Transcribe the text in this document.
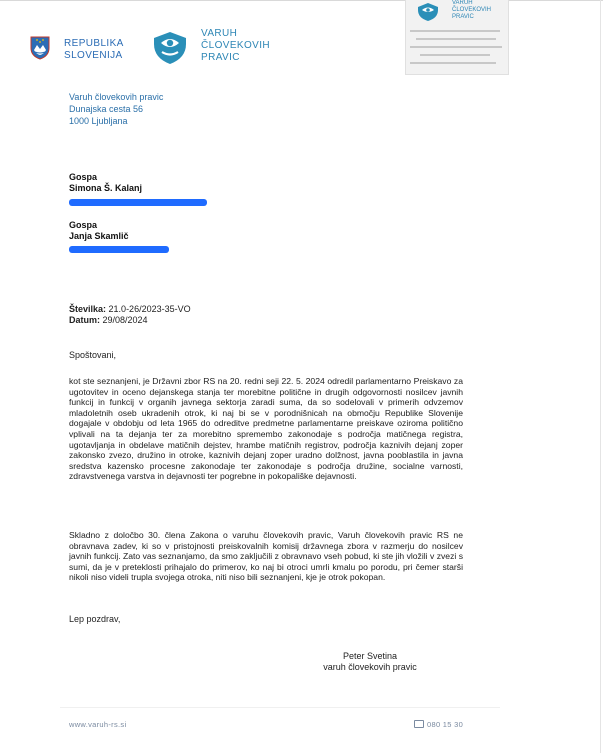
REPUBLIKA
SLOVENIJA
VARUH
ČLOVEKOVIH
PRAVIC
VARUH
ČLOVEKOVIH
PRAVIC
Varuh človekovih pravic
Dunajska cesta 56
1000 Ljubljana
Gospa
Simona Š. Kalanj
Gospa
Janja Skamlič
Številka: 21.0-26/2023-35-VO
Datum: 29/08/2024
Spoštovani,

kot ste seznanjeni, je Državni zbor RS na 20. redni seji 22. 5. 2024 odredil parlamentarno Preiskavo za ugotovitev in oceno dejanskega stanja ter morebitne politične in drugih odgovornosti nosilcev javnih funkcij in funkcij v organih javnega sektorja zaradi suma, da so sodelovali v primerih odvzemov mladoletnih oseb ukradenih otrok, ki naj bi se v porodnišnicah na območju Republike Slovenije dogajale v obdobju od leta 1965 do odreditve predmetne parlamentarne preiskave oziroma politično vplivali na ta dejanja ter za morebitno spremembo zakonodaje s področja matičnega registra, ugotavljanja in obdelave matičnih dejstev, hrambe matičnih registrov, področja kaznivih dejanj zoper zakonsko zvezo, družino in otroke, kaznivih dejanj zoper uradno dolžnost, javna pooblastila in javna sredstva kazensko procesne zakonodaje ter zakonodaje s področja družine, socialne varnosti, zdravstvenega varstva in dejavnosti ter pogrebne in pokopališke dejavnosti.

Skladno z določbo 30. člena Zakona o varuhu človekovih pravic, Varuh človekovih pravic RS ne obravnava zadev, ki so v pristojnosti preiskovalnih komisij državnega zbora v razmerju do nosilcev javnih funkcij. Zato vas seznanjamo, da smo zaključili z obravnavo vseh pobud, ki ste jih vložili v zvezi s sumi, da je v preteklosti prihajalo do primerov, ko naj bi otroci umrli kmalu po porodu, pri čemer starši nikoli niso videli trupla svojega otroka, niti niso bili seznanjeni, kje je otrok pokopan.

Lep pozdrav,
Peter Svetina
varuh človekovih pravic
www.varuh-rs.si	080 15 30
